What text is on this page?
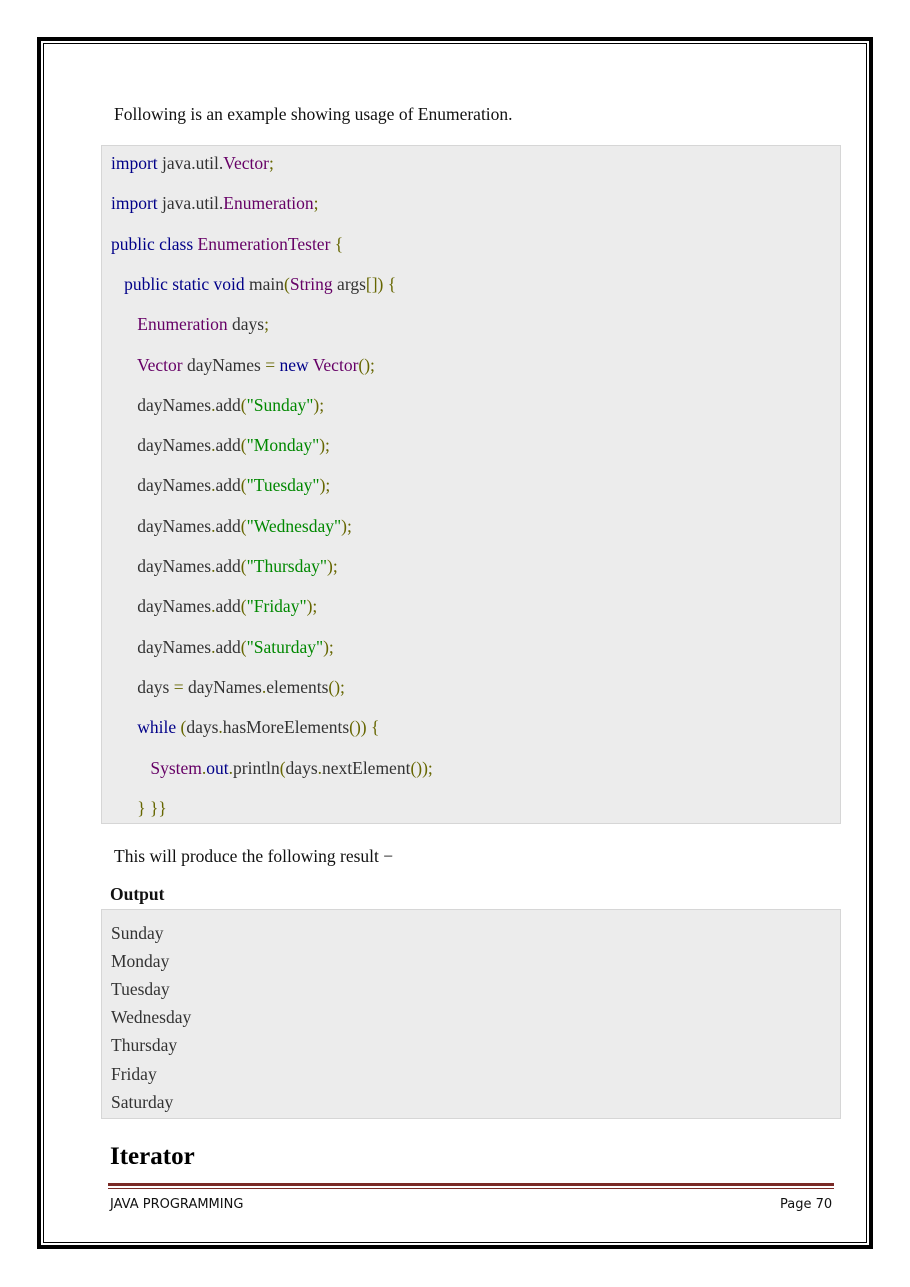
Following is an example showing usage of Enumeration.
import java.util.Vector;
import java.util.Enumeration;
public class EnumerationTester {
public static void main(String args[]) {
Enumeration days;
Vector dayNames = new Vector();
dayNames.add("Sunday");
dayNames.add("Monday");
dayNames.add("Tuesday");
dayNames.add("Wednesday");
dayNames.add("Thursday");
dayNames.add("Friday");
dayNames.add("Saturday");
days = dayNames.elements();
while (days.hasMoreElements()) {
System.out.println(days.nextElement());
} }}
This will produce the following result −
Output
Sunday
Monday
Tuesday
Wednesday
Thursday
Friday
Saturday
Iterator
JAVA PROGRAMMING	Page 70
